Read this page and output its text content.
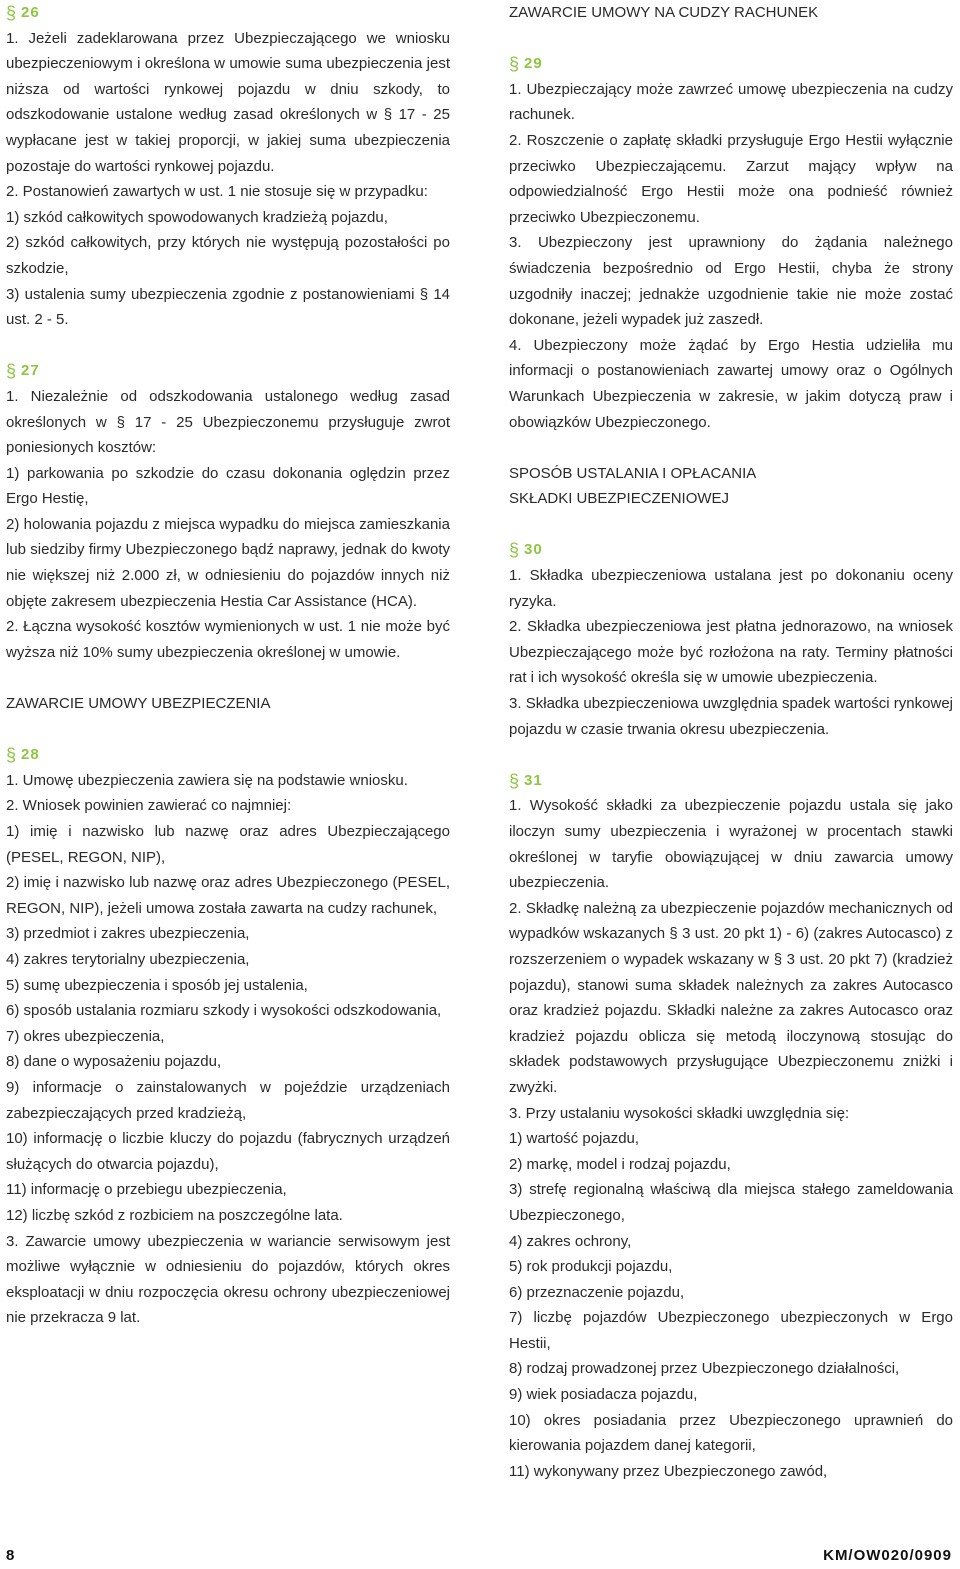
§ 26

1. Jeżeli zadeklarowana przez Ubezpieczającego we wniosku ubezpieczeniowym i określona w umowie suma ubezpieczenia jest niższa od wartości rynkowej pojazdu w dniu szkody, to odszkodowanie ustalone według zasad określonych w § 17 - 25 wypłacane jest w takiej proporcji, w jakiej suma ubezpieczenia pozostaje do wartości rynkowej pojazdu.

2. Postanowień zawartych w ust. 1 nie stosuje się w przypadku:

1) szkód całkowitych spowodowanych kradzieżą pojazdu,

2) szkód całkowitych, przy których nie występują pozostałości po szkodzie,

3) ustalenia sumy ubezpieczenia zgodnie z postanowieniami § 14 ust. 2 - 5.

§ 27

1. Niezależnie od odszkodowania ustalonego według zasad określonych w § 17 - 25 Ubezpieczonemu przysługuje zwrot poniesionych kosztów:

1) parkowania po szkodzie do czasu dokonania oględzin przez Ergo Hestię,

2) holowania pojazdu z miejsca wypadku do miejsca zamieszkania lub siedziby firmy Ubezpieczonego bądź naprawy, jednak do kwoty nie większej niż 2.000 zł, w odniesieniu do pojazdów innych niż objęte zakresem ubezpieczenia Hestia Car Assistance (HCA).

2. Łączna wysokość kosztów wymienionych w ust. 1 nie może być wyższa niż 10% sumy ubezpieczenia określonej w umowie.

ZAWARCIE UMOWY UBEZPIECZENIA

§ 28

1. Umowę ubezpieczenia zawiera się na podstawie wniosku.

2. Wniosek powinien zawierać co najmniej:

1) imię i nazwisko lub nazwę oraz adres Ubezpieczającego (PESEL, REGON, NIP),

2) imię i nazwisko lub nazwę oraz adres Ubezpieczonego (PESEL, REGON, NIP), jeżeli umowa została zawarta na cudzy rachunek,

3) przedmiot i zakres ubezpieczenia,

4) zakres terytorialny ubezpieczenia,

5) sumę ubezpieczenia i sposób jej ustalenia,

6) sposób ustalania rozmiaru szkody i wysokości odszkodowania,

7) okres ubezpieczenia,

8) dane o wyposażeniu pojazdu,

9) informacje o zainstalowanych w pojeździe urządzeniach zabezpieczających przed kradzieżą,

10) informację o liczbie kluczy do pojazdu (fabrycznych urządzeń służących do otwarcia pojazdu),

11) informację o przebiegu ubezpieczenia,

12) liczbę szkód z rozbiciem na poszczególne lata.

3. Zawarcie umowy ubezpieczenia w wariancie serwisowym jest możliwe wyłącznie w odniesieniu do pojazdów, których okres eksploatacji w dniu rozpoczęcia okresu ochrony ubezpieczeniowej nie przekracza 9 lat.

ZAWARCIE UMOWY NA CUDZY RACHUNEK

§ 29

1. Ubezpieczający może zawrzeć umowę ubezpieczenia na cudzy rachunek.

2. Roszczenie o zapłatę składki przysługuje Ergo Hestii wyłącznie przeciwko Ubezpieczającemu. Zarzut mający wpływ na odpowiedzialność Ergo Hestii może ona podnieść również przeciwko Ubezpieczonemu.

3. Ubezpieczony jest uprawniony do żądania należnego świadczenia bezpośrednio od Ergo Hestii, chyba że strony uzgodniły inaczej; jednakże uzgodnienie takie nie może zostać dokonane, jeżeli wypadek już zaszedł.

4. Ubezpieczony może żądać by Ergo Hestia udzieliła mu informacji o postanowieniach zawartej umowy oraz o Ogólnych Warunkach Ubezpieczenia w zakresie, w jakim dotyczą praw i obowiązków Ubezpieczonego.

SPOSÓB USTALANIA I OPŁACANIA

SKŁADKI UBEZPIECZENIOWEJ

§ 30

1. Składka ubezpieczeniowa ustalana jest po dokonaniu oceny ryzyka.

2. Składka ubezpieczeniowa jest płatna jednorazowo, na wniosek Ubezpieczającego może być rozłożona na raty. Terminy płatności rat i ich wysokość określa się w umowie ubezpieczenia.

3. Składka ubezpieczeniowa uwzględnia spadek wartości rynkowej pojazdu w czasie trwania okresu ubezpieczenia.

§ 31

1. Wysokość składki za ubezpieczenie pojazdu ustala się jako iloczyn sumy ubezpieczenia i wyrażonej w procentach stawki określonej w taryfie obowiązującej w dniu zawarcia umowy ubezpieczenia.

2. Składkę należną za ubezpieczenie pojazdów mechanicznych od wypadków wskazanych § 3 ust. 20 pkt 1) - 6) (zakres Autocasco) z rozszerzeniem o wypadek wskazany w § 3 ust. 20 pkt 7) (kradzież pojazdu), stanowi suma składek należnych za zakres Autocasco oraz kradzież pojazdu. Składki należne za zakres Autocasco oraz kradzież pojazdu oblicza się metodą iloczynową stosując do składek podstawowych przysługujące Ubezpieczonemu zniżki i zwyżki.

3. Przy ustalaniu wysokości składki uwzględnia się:

1) wartość pojazdu,

2) markę, model i rodzaj pojazdu,

3) strefę regionalną właściwą dla miejsca stałego zameldowania Ubezpieczonego,

4) zakres ochrony,

5) rok produkcji pojazdu,

6) przeznaczenie pojazdu,

7) liczbę pojazdów Ubezpieczonego ubezpieczonych w Ergo Hestii,

8) rodzaj prowadzonej przez Ubezpieczonego działalności,

9) wiek posiadacza pojazdu,

10) okres posiadania przez Ubezpieczonego uprawnień do kierowania pojazdem danej kategorii,

11) wykonywany przez Ubezpieczonego zawód,

8	KM/OW020/0909
